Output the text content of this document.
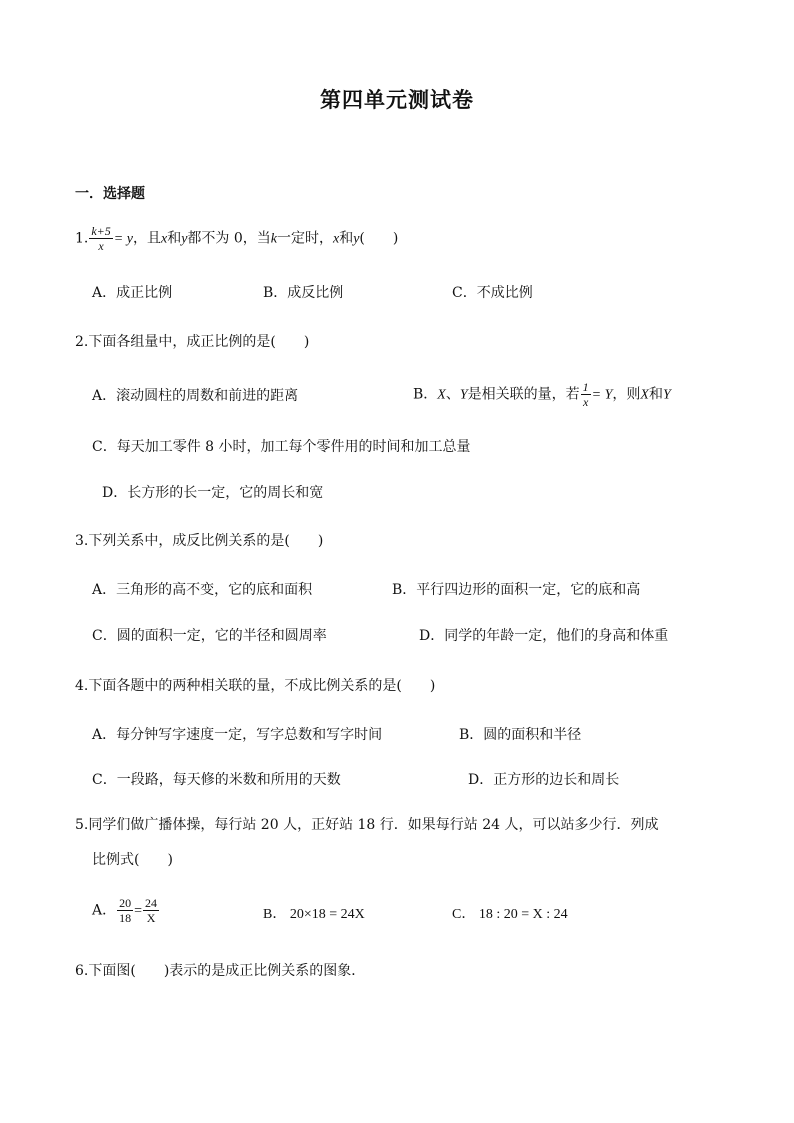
第四单元测试卷
一．选择题
1. $\frac{k+5}{x} = y$，且x和y都不为 0，当k一定时，x和y(　　)
A．成正比例	B．成反比例	C．不成比例
2.下面各组量中，成正比例的是(　　)
A．滚动圆柱的周数和前进的距离	B．X、Y是相关联的量，若 $\frac{1}{x} = Y$，则X和Y
C．每天加工零件 8 小时，加工每个零件用的时间和加工总量
D．长方形的长一定，它的周长和宽
3.下列关系中，成反比例关系的是(　　)
A．三角形的高不变，它的底和面积	B．平行四边形的面积一定，它的底和高
C．圆的面积一定，它的半径和圆周率	D．同学的年龄一定，他们的身高和体重
4.下面各题中的两种相关联的量，不成比例关系的是(　　)
A．每分钟写字速度一定，写字总数和写字时间	B．圆的面积和半径
C．一段路，每天修的米数和所用的天数	D．正方形的边长和周长
5.同学们做广播体操，每行站 20 人，正好站 18 行．如果每行站 24 人，可以站多少行．列成
比例式(　　)
A． $\frac{20}{18} = \frac{24}{X}$	B． 20×18 = 24X	C． 18 : 20 = X : 24
6.下面图(　　)表示的是成正比例关系的图象．
